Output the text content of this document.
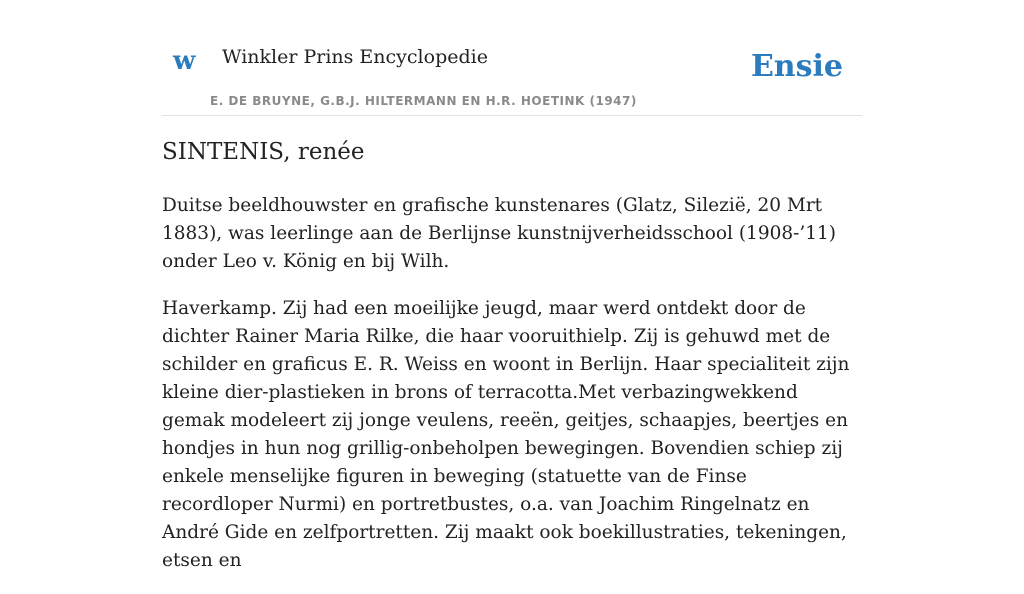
w Winkler Prins Encyclopedie
E. DE BRUYNE, G.B.J. HILTERMANN EN H.R. HOETINK (1947)
Ensie
SINTENIS, renée

Duitse beeldhouwster en grafische kunstenares (Glatz, Silezië, 20 Mrt 1883), was leerlinge aan de Berlijnse kunstnijverheidsschool (1908-’11) onder Leo v. König en bij Wilh.

Haverkamp. Zij had een moeilijke jeugd, maar werd ontdekt door de dichter Rainer Maria Rilke, die haar vooruithielp. Zij is gehuwd met de schilder en graficus E. R. Weiss en woont in Berlijn. Haar specialiteit zijn kleine dier-plastieken in brons of terracotta.Met verbazingwekkend gemak modeleert zij jonge veulens, reeën, geitjes, schaapjes, beertjes en hondjes in hun nog grillig-onbeholpen bewegingen. Bovendien schiep zij enkele menselijke figuren in beweging (statuette van de Finse recordloper Nurmi) en portretbustes, o.a. van Joachim Ringelnatz en André Gide en zelfportretten. Zij maakt ook boekillustraties, tekeningen, etsen en
